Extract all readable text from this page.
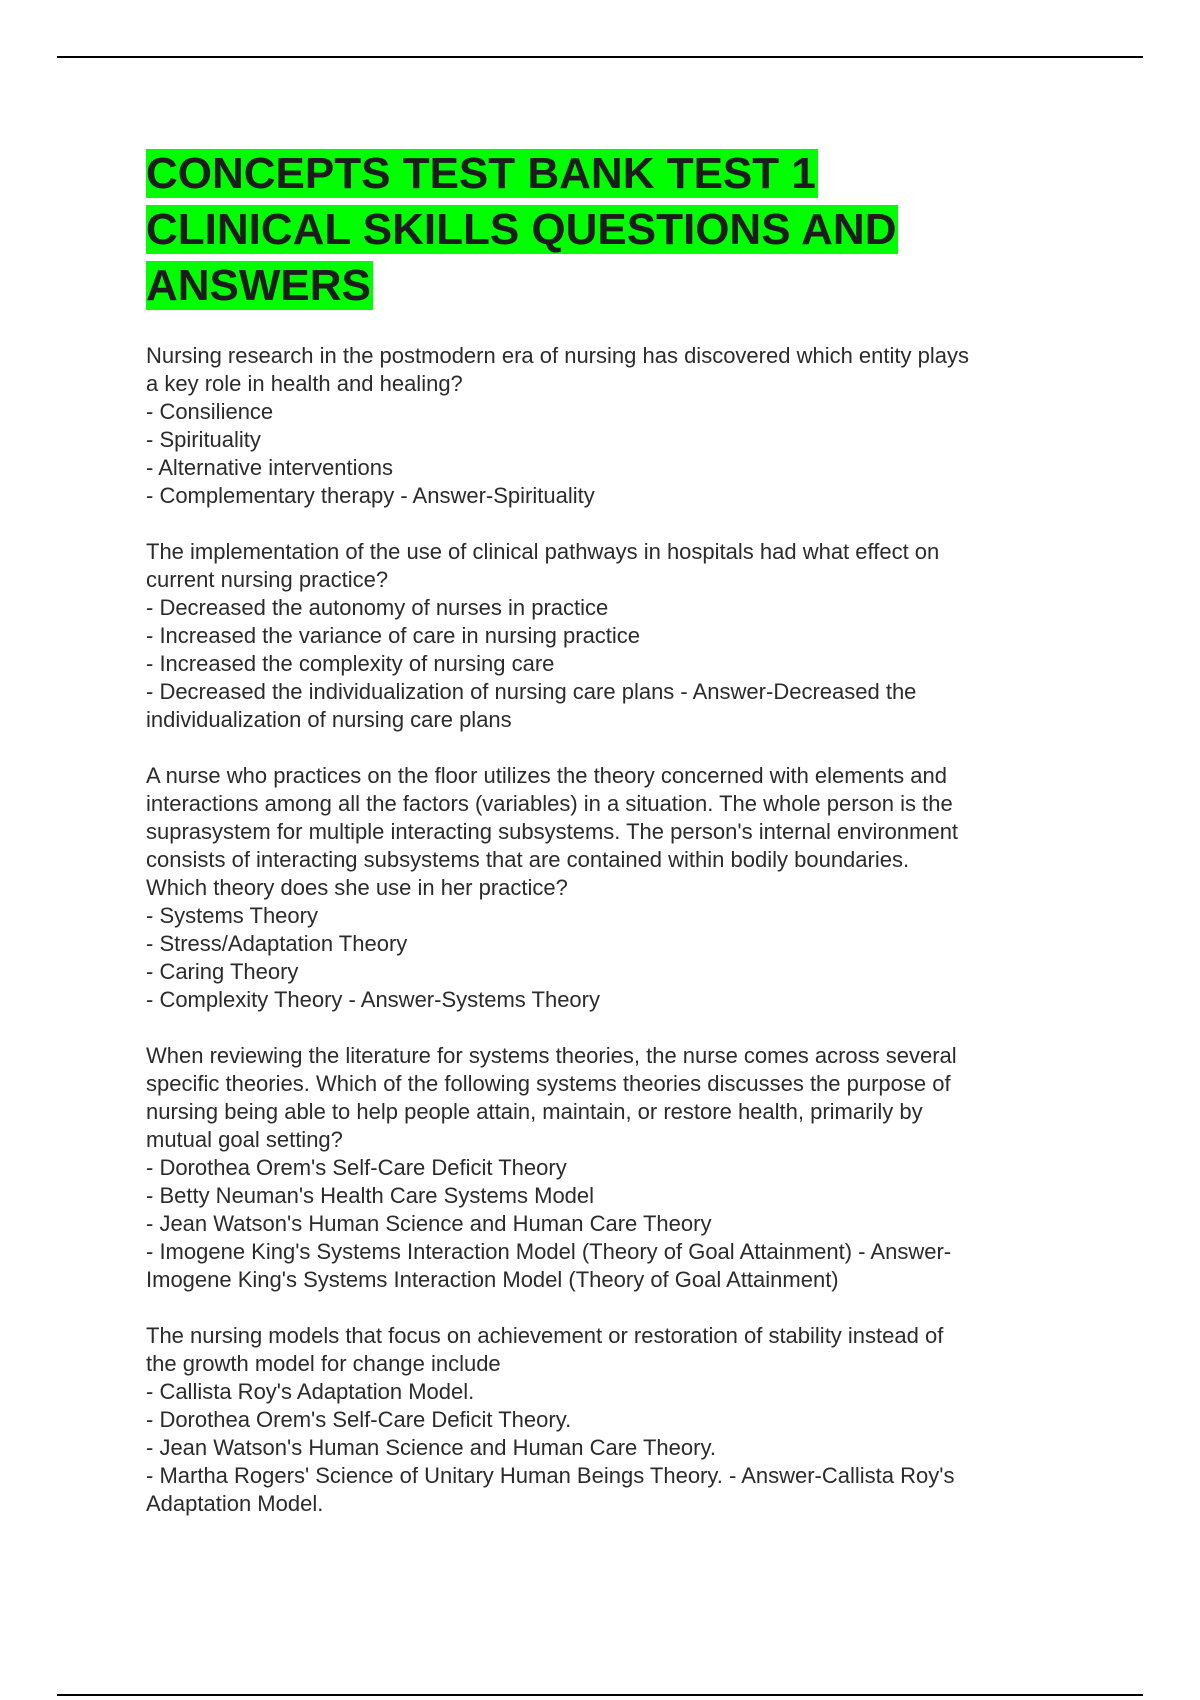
CONCEPTS TEST BANK TEST 1
CLINICAL SKILLS QUESTIONS AND
ANSWERS
Nursing research in the postmodern era of nursing has discovered which entity plays
a key role in health and healing?
- Consilience
- Spirituality
- Alternative interventions
- Complementary therapy - Answer-Spirituality
The implementation of the use of clinical pathways in hospitals had what effect on
current nursing practice?
- Decreased the autonomy of nurses in practice
- Increased the variance of care in nursing practice
- Increased the complexity of nursing care
- Decreased the individualization of nursing care plans - Answer-Decreased the
individualization of nursing care plans
A nurse who practices on the floor utilizes the theory concerned with elements and
interactions among all the factors (variables) in a situation. The whole person is the
suprasystem for multiple interacting subsystems. The person's internal environment
consists of interacting subsystems that are contained within bodily boundaries.
Which theory does she use in her practice?
- Systems Theory
- Stress/Adaptation Theory
- Caring Theory
- Complexity Theory - Answer-Systems Theory
When reviewing the literature for systems theories, the nurse comes across several
specific theories. Which of the following systems theories discusses the purpose of
nursing being able to help people attain, maintain, or restore health, primarily by
mutual goal setting?
- Dorothea Orem's Self-Care Deficit Theory
- Betty Neuman's Health Care Systems Model
- Jean Watson's Human Science and Human Care Theory
- Imogene King's Systems Interaction Model (Theory of Goal Attainment) - Answer-
Imogene King's Systems Interaction Model (Theory of Goal Attainment)
The nursing models that focus on achievement or restoration of stability instead of
the growth model for change include
- Callista Roy's Adaptation Model.
- Dorothea Orem's Self-Care Deficit Theory.
- Jean Watson's Human Science and Human Care Theory.
- Martha Rogers' Science of Unitary Human Beings Theory. - Answer-Callista Roy's
Adaptation Model.
